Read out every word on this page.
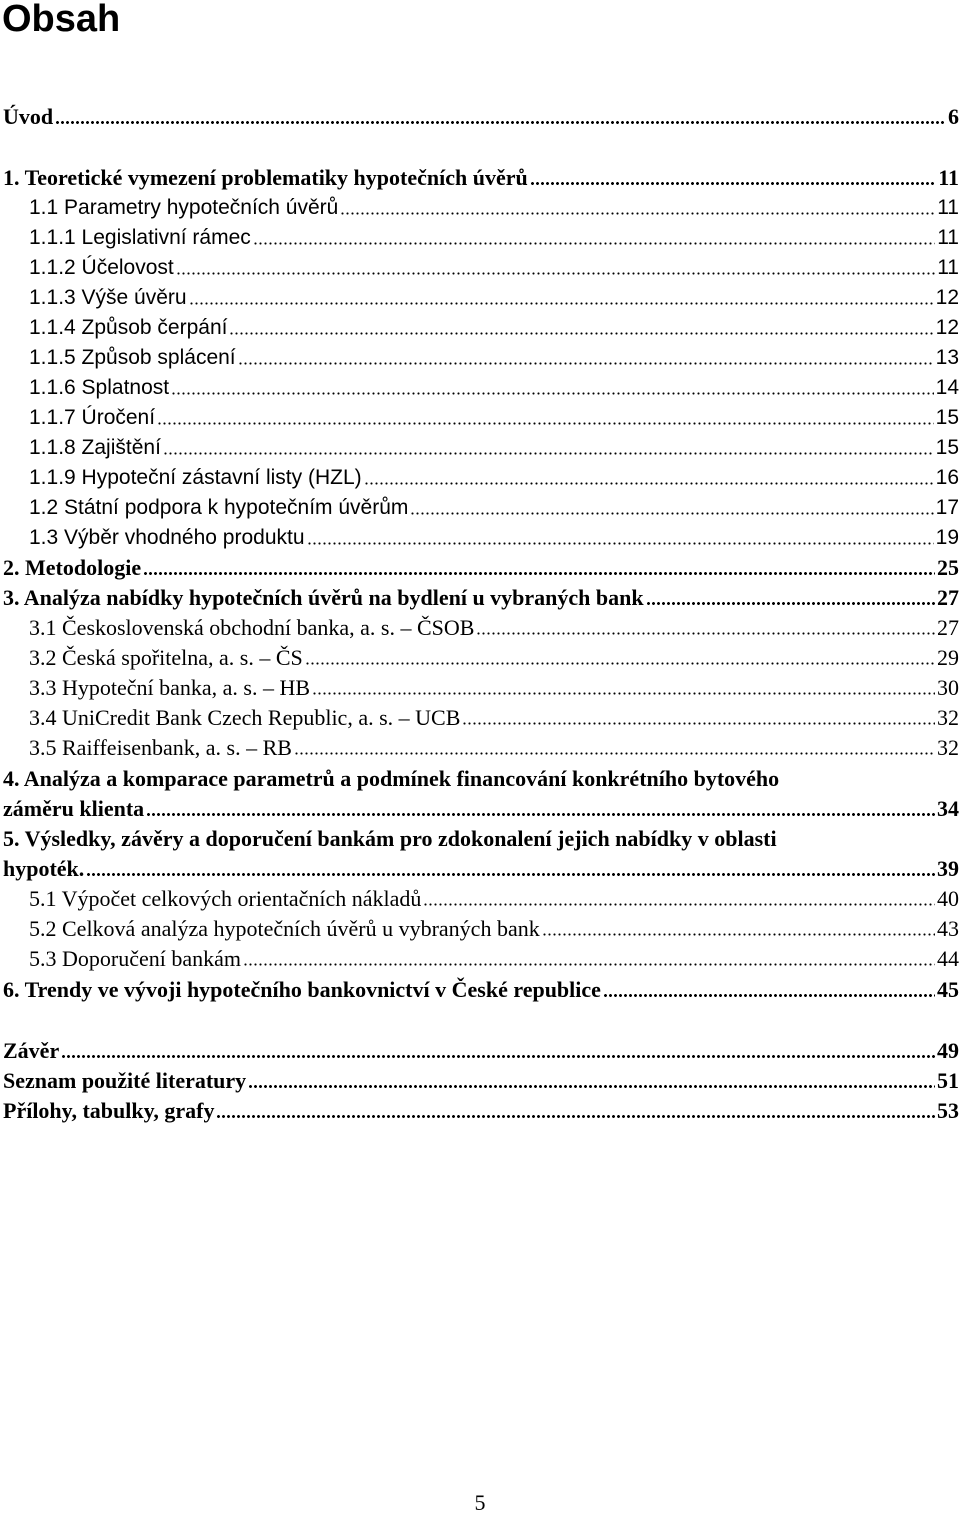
Obsah
Úvod	6
1. Teoretické vymezení problematiky hypotečních úvěrů	11
1.1 Parametry hypotečních úvěrů	11
1.1.1 Legislativní rámec	11
1.1.2 Účelovost	11
1.1.3 Výše úvěru	12
1.1.4 Způsob čerpání	12
1.1.5 Způsob splácení	13
1.1.6 Splatnost	14
1.1.7 Úročení	15
1.1.8 Zajištění	15
1.1.9 Hypoteční zástavní listy (HZL)	16
1.2 Státní podpora k hypotečním úvěrům	17
1.3 Výběr vhodného produktu	19
2. Metodologie	25
3. Analýza nabídky hypotečních úvěrů na bydlení u vybraných bank	27
3.1 Československá obchodní banka, a. s. – ČSOB	27
3.2 Česká spořitelna, a. s. – ČS	29
3.3 Hypoteční banka, a. s. – HB	30
3.4 UniCredit Bank Czech Republic, a. s. – UCB	32
3.5 Raiffeisenbank, a. s. – RB	32
4. Analýza a komparace parametrů a podmínek financování konkrétního bytového
záměru klienta	34
5. Výsledky, závěry a doporučení bankám pro zdokonalení jejich nabídky v oblasti
hypoték.	39
5.1 Výpočet celkových orientačních nákladů	40
5.2 Celková analýza hypotečních úvěrů u vybraných bank	43
5.3 Doporučení bankám	44
6. Trendy ve vývoji hypotečního bankovnictví v České republice	45
Závěr	49
Seznam použité literatury	51
Přílohy, tabulky, grafy	53
5
